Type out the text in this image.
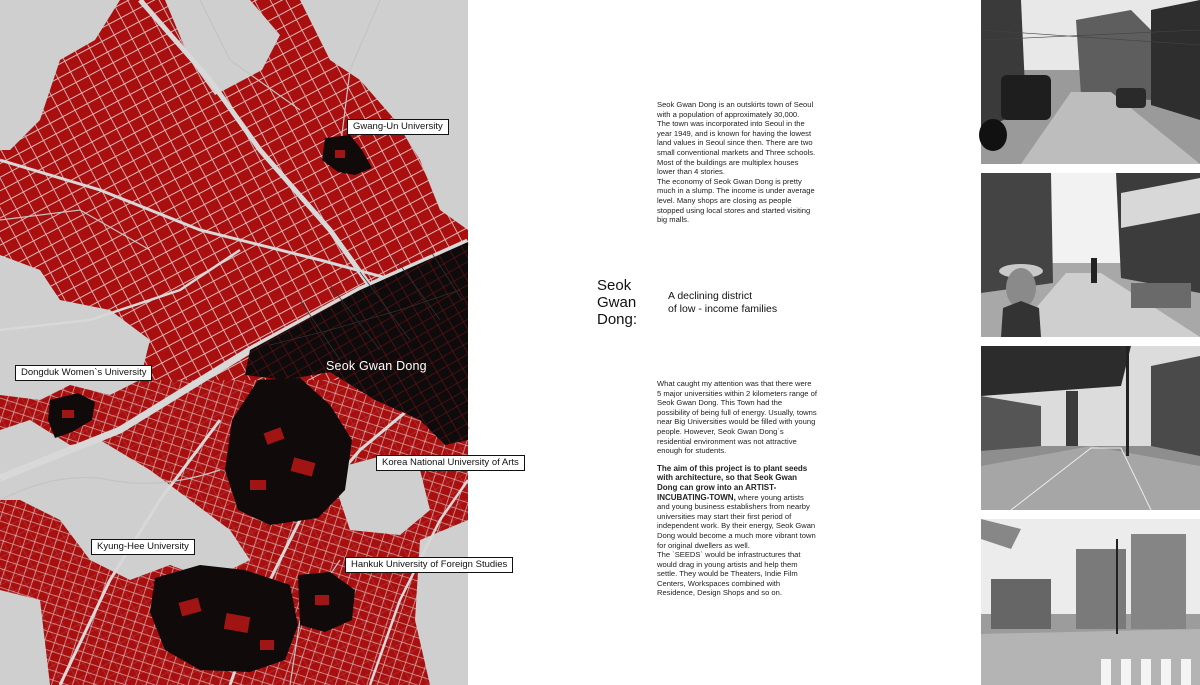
Gwang-Un University
Dongduk Women`s University
Korea National University of Arts
Kyung-Hee University
Hankuk University of Foreign Studies
Seok Gwan Dong

Seok Gwan Dong is an outskirts town of Seoul with a population of approximately 30,000.

The town was incorporated into Seoul in the year 1949, and is known for having the lowest land values in Seoul since then. There are two small conventional markets and Three schools. Most of the buildings are multiplex houses lower than 4 stories.

The economy of Seok Gwan Dong is pretty much in a slump. The income is under average level. Many shops are closing as people stopped using local stores and started visiting big malls.

Seok
Gwan
Dong:
A declining district
of low - income families

What caught my attention was that there were 5 major universities within 2 kilometers range of Seok Gwan Dong. This Town had the possibility of being full of energy. Usually, towns near Big Universities would be filled with young people. However, Seok Gwan Dong`s residential environment was not attractive enough for students.

The aim of this project is to plant seeds with architecture, so that Seok Gwan Dong can grow into an ARTIST-INCUBATING-TOWN, where young artists and young business establishers from nearby universities may start their first period of independent work. By their energy, Seok Gwan Dong would become a much more vibrant town for original dwellers as well.

The `SEEDS` would be infrastructures that would drag in young artists and help them settle. They would be Theaters, Indie Film Centers, Workspaces combined with Residence, Design Shops and so on.
